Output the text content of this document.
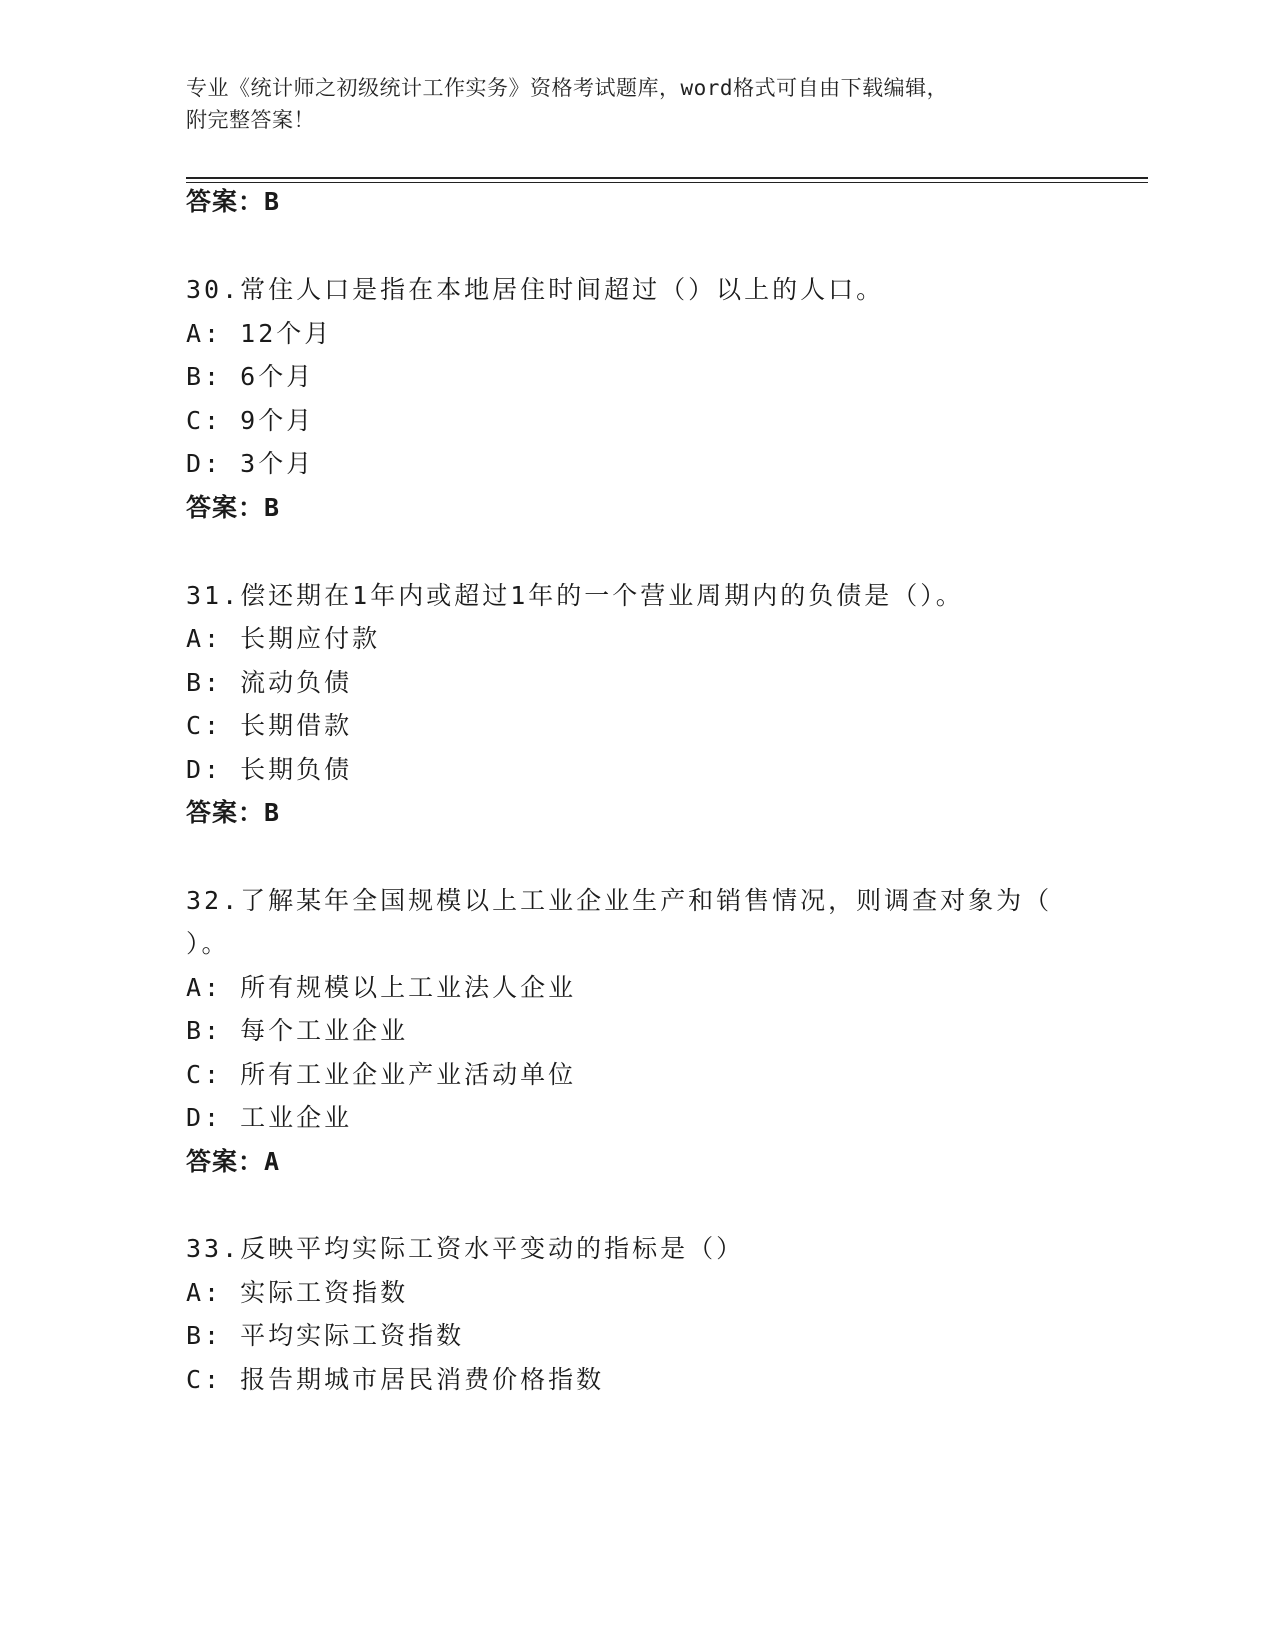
专业《统计师之初级统计工作实务》资格考试题库，word格式可自由下载编辑，
附完整答案！
答案：B
30.常住人口是指在本地居住时间超过（）以上的人口。
A: 12个月
B: 6个月
C: 9个月
D: 3个月
答案：B
31.偿还期在1年内或超过1年的一个营业周期内的负债是（）。
A: 长期应付款
B: 流动负债
C: 长期借款
D: 长期负债
答案：B
32.了解某年全国规模以上工业企业生产和销售情况，则调查对象为（
）。
A: 所有规模以上工业法人企业
B: 每个工业企业
C: 所有工业企业产业活动单位
D: 工业企业
答案：A
33.反映平均实际工资水平变动的指标是（）
A: 实际工资指数
B: 平均实际工资指数
C: 报告期城市居民消费价格指数
